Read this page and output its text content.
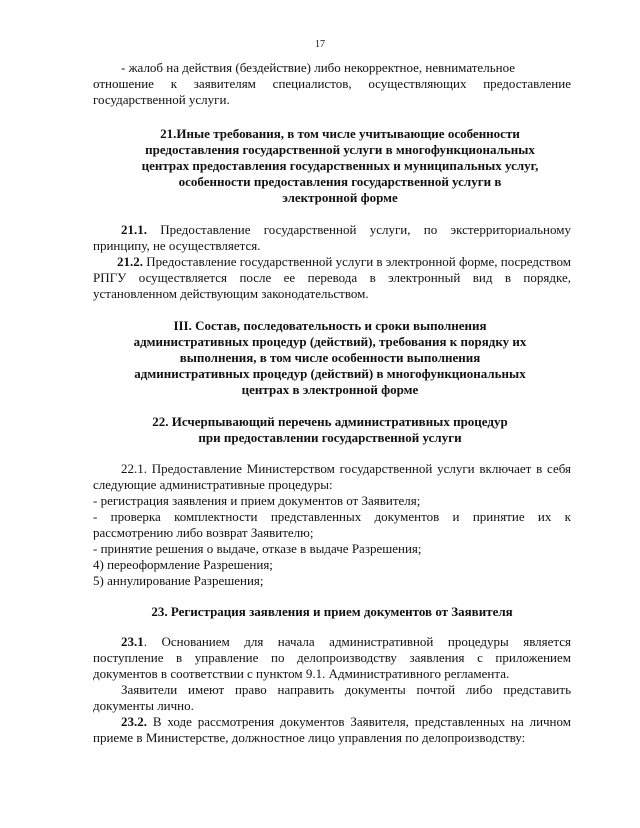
17

- жалоб на действия (бездействие) либо некорректное, невнимательное

отношение к заявителям специалистов, осуществляющих предоставление государственной услуги.

21.Иные требования, в том числе учитывающие особенности предоставления государственной услуги в многофункциональных центрах предоставления государственных и муниципальных услуг, особенности предоставления государственной услуги в электронной форме

21.1. Предоставление государственной услуги, по экстерриториальному принципу, не осуществляется.

21.2. Предоставление государственной услуги в электронной форме, посредством РПГУ осуществляется после ее перевода в электронный вид в порядке, установленном действующим законодательством.

III. Состав, последовательность и сроки выполнения административных процедур (действий), требования к порядку их выполнения, в том числе особенности выполнения административных процедур (действий) в многофункциональных центрах в электронной форме

22. Исчерпывающий перечень административных процедур при предоставлении государственной услуги

22.1. Предоставление Министерством государственной услуги включает в себя следующие административные процедуры:

- регистрация заявления и прием документов от Заявителя;

- проверка комплектности представленных документов и принятие их к рассмотрению либо возврат Заявителю;

- принятие решения о выдаче, отказе в выдаче Разрешения;

4) переоформление Разрешения;

5) аннулирование Разрешения;

23. Регистрация заявления и прием документов от Заявителя

23.1. Основанием для начала административной процедуры является поступление в управление по делопроизводству заявления с приложением документов в соответствии с пунктом 9.1. Административного регламента.

Заявители имеют право направить документы почтой либо представить документы лично.

23.2. В ходе рассмотрения документов Заявителя, представленных на личном приеме в Министерстве, должностное лицо управления по делопроизводству:
